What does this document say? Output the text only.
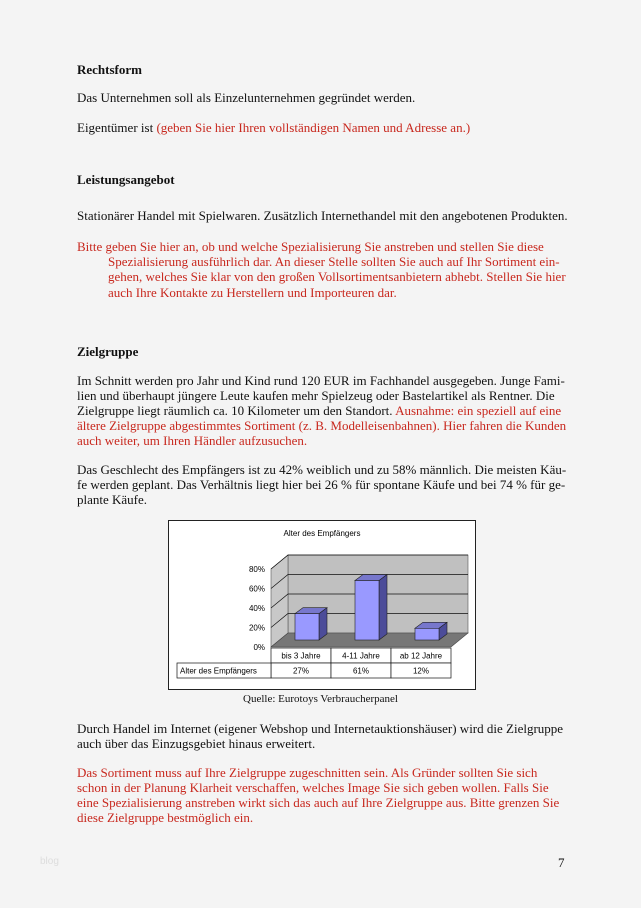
Rechtsform
Das Unternehmen soll als Einzelunternehmen gegründet werden.
Eigentümer ist (geben Sie hier Ihren vollständigen Namen und Adresse an.)
Leistungsangebot
Stationärer Handel mit Spielwaren. Zusätzlich Internethandel mit den angebotenen Produkten.
Bitte geben Sie hier an, ob und welche Spezialisierung Sie anstreben und stellen Sie diese
Spezialisierung ausführlich dar. An dieser Stelle sollten Sie auch auf Ihr Sortiment ein-
gehen, welches Sie klar von den großen Vollsortimentsanbietern abhebt. Stellen Sie hier
auch Ihre Kontakte zu Herstellern und Importeuren dar.
Zielgruppe
Im Schnitt werden pro Jahr und Kind rund 120 EUR im Fachhandel ausgegeben. Junge Fami-
lien und überhaupt jüngere Leute kaufen mehr Spielzeug oder Bastelartikel als Rentner. Die
Zielgruppe liegt räumlich ca. 10 Kilometer um den Standort. Ausnahme: ein speziell auf eine
ältere Zielgruppe abgestimmtes Sortiment (z. B. Modelleisenbahnen). Hier fahren die Kunden
auch weiter, um Ihren Händler aufzusuchen.
Das Geschlecht des Empfängers ist zu 42% weiblich und zu 58% männlich. Die meisten Käu-
fe werden geplant. Das Verhältnis liegt hier bei 26 % für spontane Käufe und bei 74 % für ge-
plante Käufe.
Alter des Empfängers
0%
20%
40%
60%
80%
bis 3 Jahre
27%
4-11 Jahre
61%
ab 12 Jahre
12%
Alter des Empfängers
Quelle: Eurotoys Verbraucherpanel
Durch Handel im Internet (eigener Webshop und Internetauktionshäuser) wird die Zielgruppe
auch über das Einzugsgebiet hinaus erweitert.
Das Sortiment muss auf Ihre Zielgruppe zugeschnitten sein. Als Gründer sollten Sie sich
schon in der Planung Klarheit verschaffen, welches Image Sie sich geben wollen. Falls Sie
eine Spezialisierung anstreben wirkt sich das auch auf Ihre Zielgruppe aus. Bitte grenzen Sie
diese Zielgruppe bestmöglich ein.
blog	7
